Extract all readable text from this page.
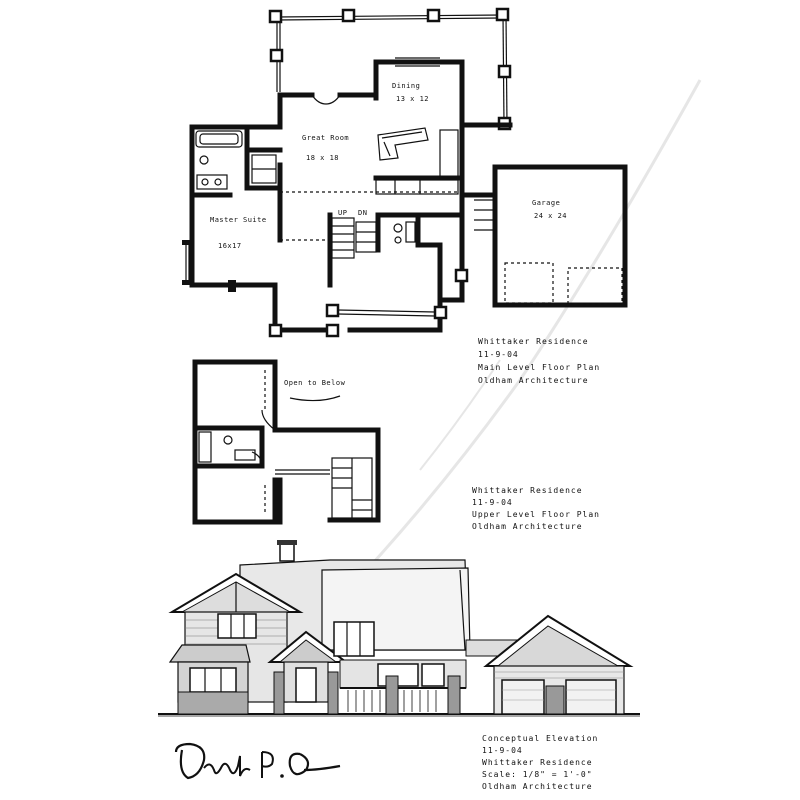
UP DN
Dining
13 x 12
Great Room
18 x 18
Master Suite
16x17
Garage
24 x 24
Whittaker Residence
11-9-04
Main Level Floor Plan
Oldham Architecture
Open to Below
Whittaker Residence
11-9-04
Upper Level Floor Plan
Oldham Architecture
Conceptual Elevation
11-9-04
Whittaker Residence
Scale: 1/8" = 1'-0"
Oldham Architecture
